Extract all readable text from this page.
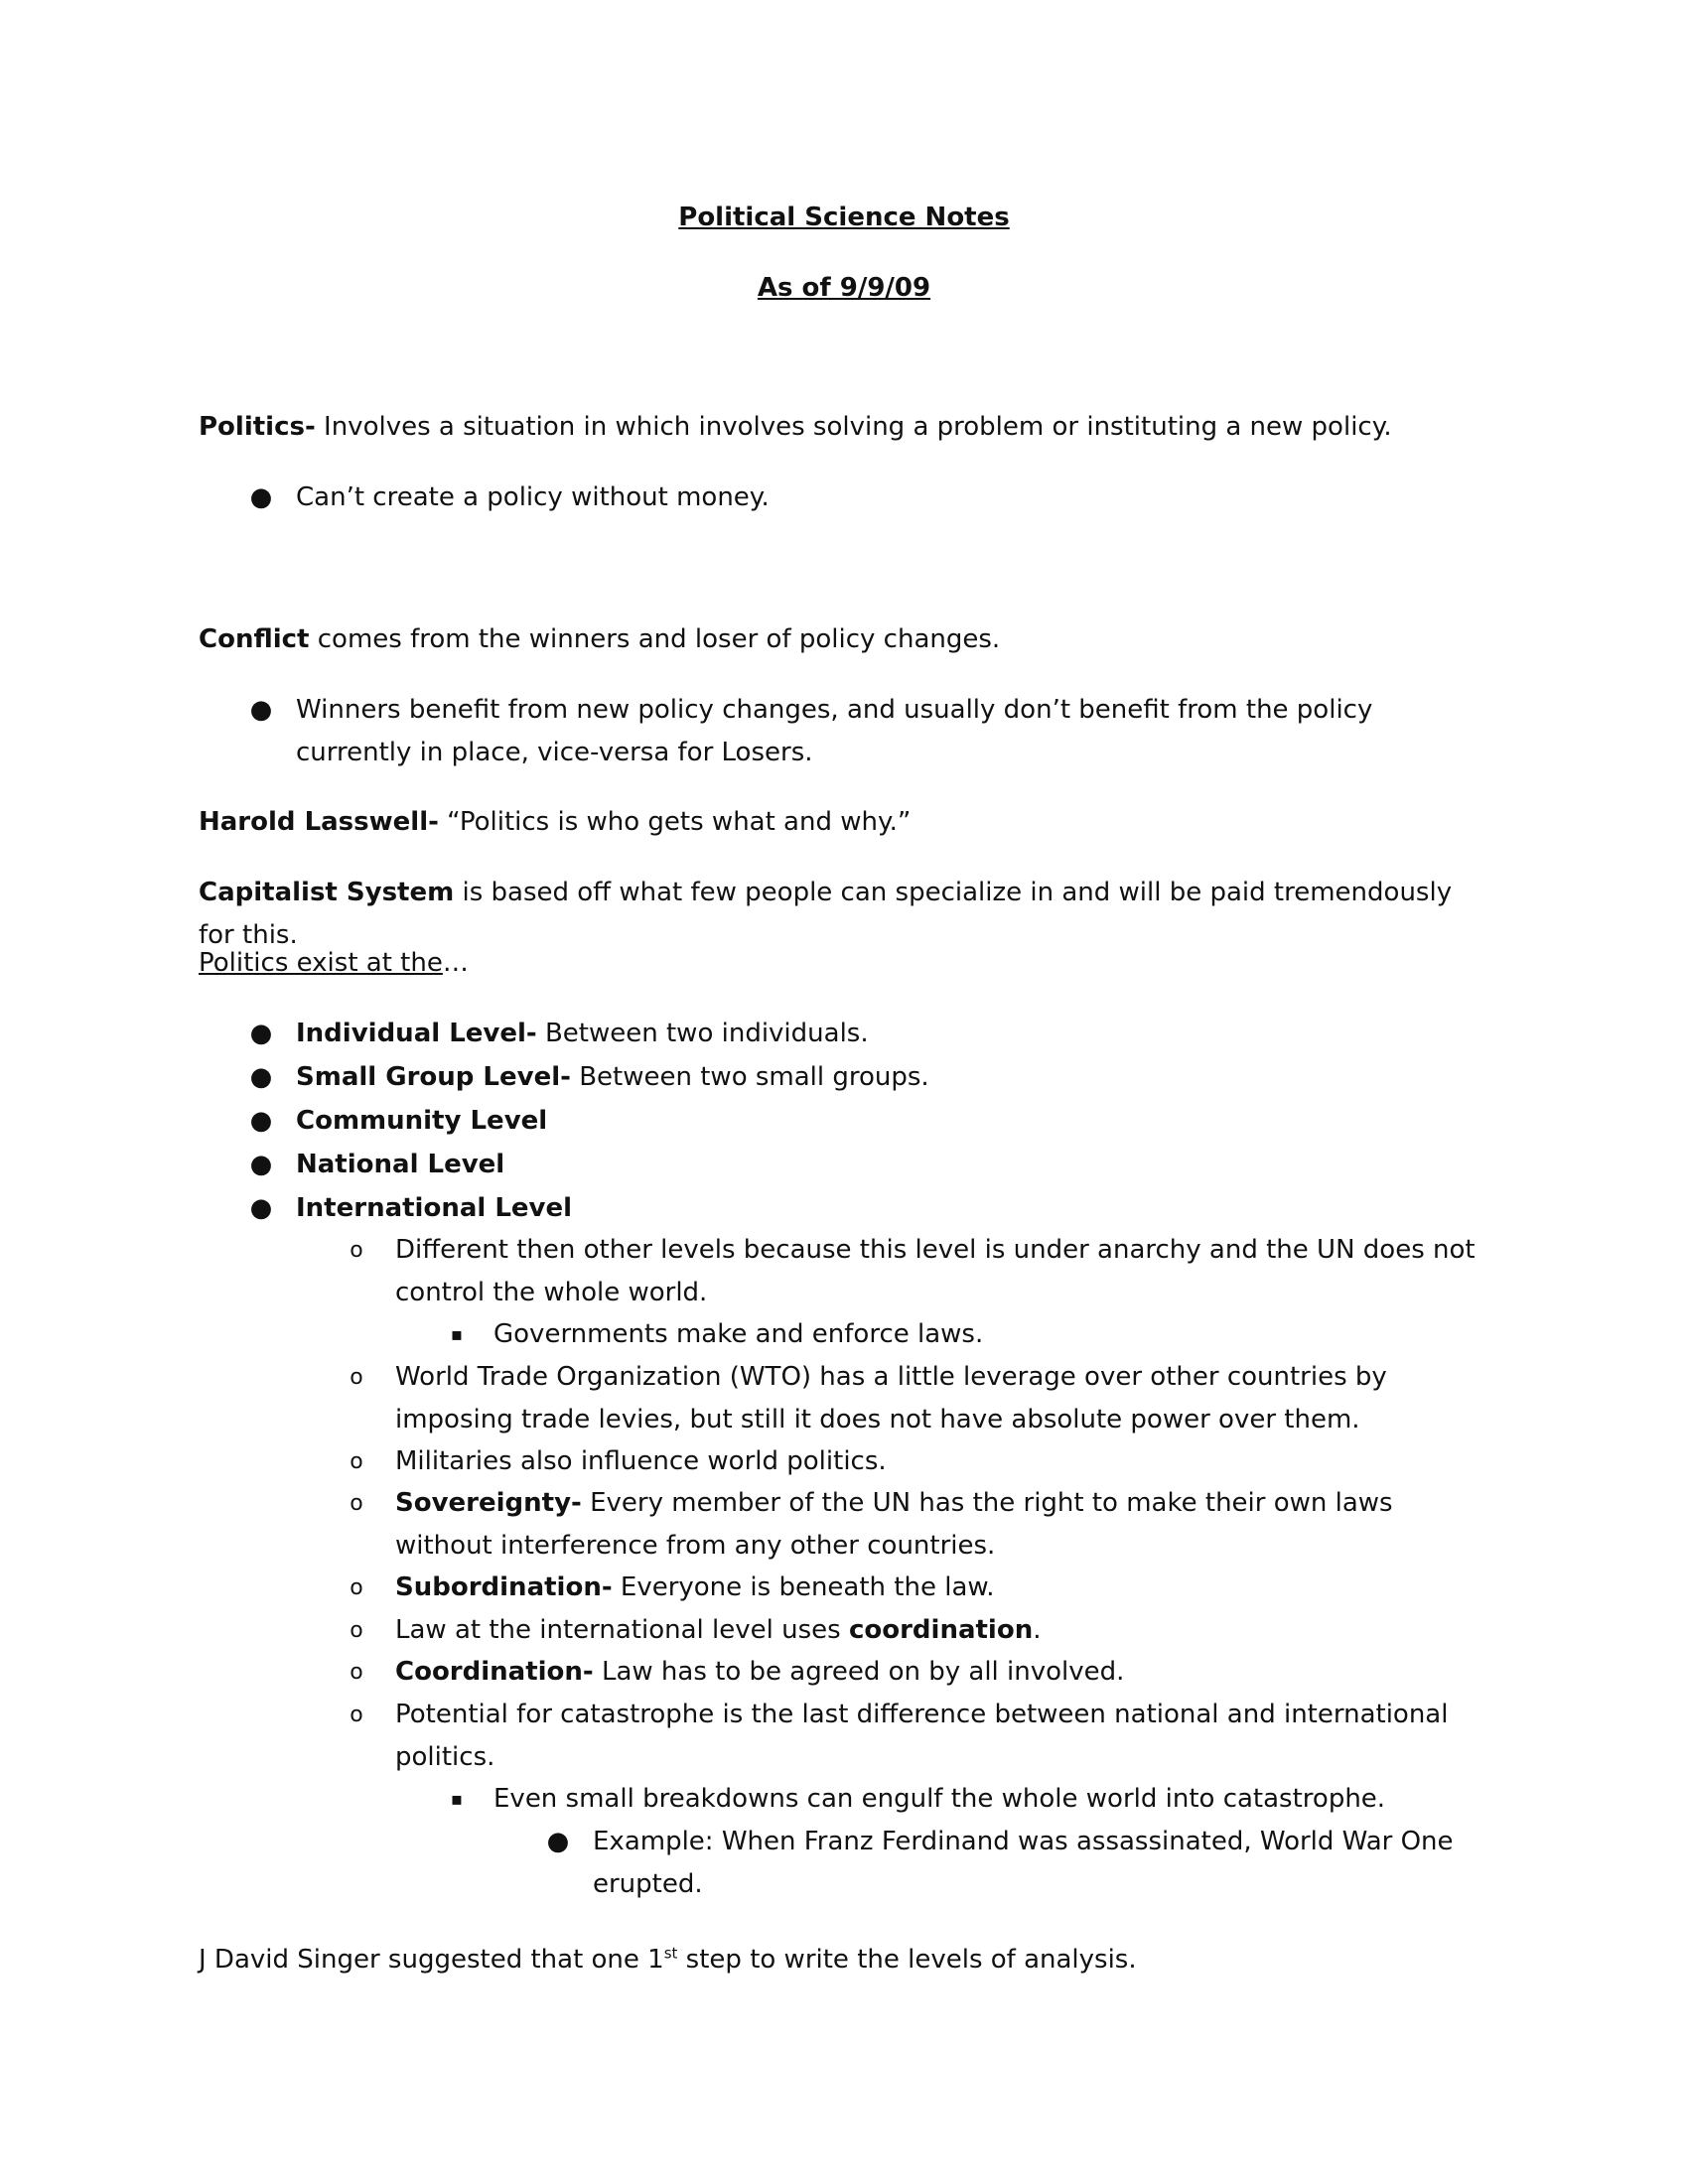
Political Science Notes
As of 9/9/09
Politics- Involves a situation in which involves solving a problem or instituting a new policy.
● Can’t create a policy without money.
Conflict comes from the winners and loser of policy changes.
● Winners benefit from new policy changes, and usually don’t benefit from the policy currently in place, vice-versa for Losers.
Harold Lasswell- “Politics is who gets what and why.”
Capitalist System is based off what few people can specialize in and will be paid tremendously for this.
Politics exist at the…
● Individual Level- Between two individuals.
● Small Group Level- Between two small groups.
● Community Level
● National Level
● International Level
o	Different then other levels because this level is under anarchy and the UN does not control the whole world.
▪	Governments make and enforce laws.
o	World Trade Organization (WTO) has a little leverage over other countries by imposing trade levies, but still it does not have absolute power over them.
o	Militaries also influence world politics.
o	Sovereignty- Every member of the UN has the right to make their own laws without interference from any other countries.
o	Subordination- Everyone is beneath the law.
o	Law at the international level uses coordination.
o	Coordination- Law has to be agreed on by all involved.
o	Potential for catastrophe is the last difference between national and international politics.
▪	Even small breakdowns can engulf the whole world into catastrophe.
● Example: When Franz Ferdinand was assassinated, World War One erupted.
J David Singer suggested that one 1st step to write the levels of analysis.
